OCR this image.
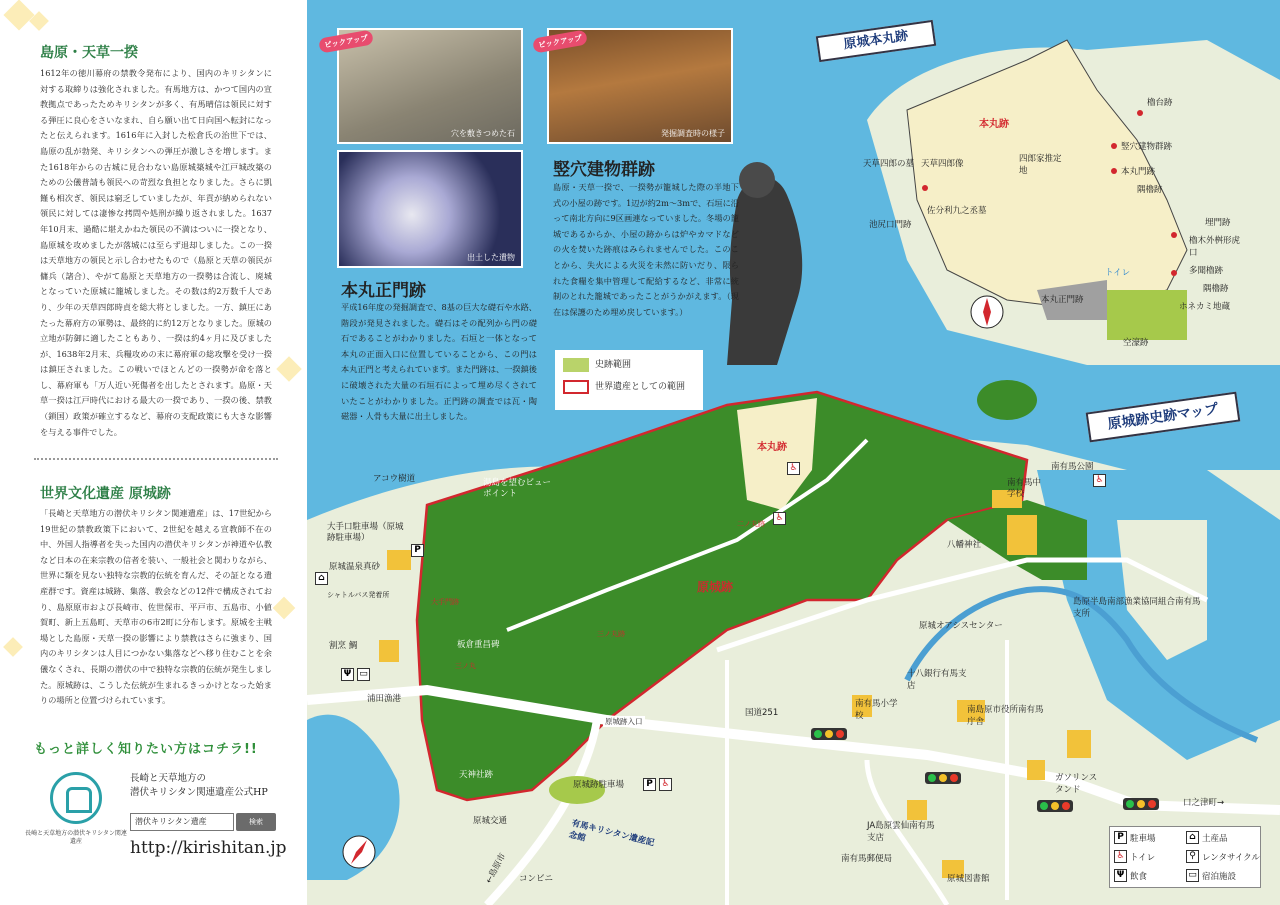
島原・天草一揆
1612年の徳川幕府の禁教令発布により、国内のキリシタンに対する取締りは強化されました。有馬地方は、かつて国内の宣教拠点であったためキリシタンが多く、有馬晴信は領民に対する弾圧に良心をさいなまれ、自ら願い出て日向国へ転封になったと伝えられます。1616年に入封した松倉氏の治世下では、島原の乱が勃発、キリシタンへの弾圧が激しさを増します。また1618年からの古城に見合わない島原城築城や江戸城改築のための公儀普請も領民への苛烈な負担となりました。さらに凱饉も相次ぎ、領民は窮乏していましたが、年貢が納められない領民に対しては凄惨な拷問や処刑が繰り返されました。1637年10月末、過酷に堪えかねた領民の不満はついに一揆となり、島原城を攻めましたが落城には至らず退却しました。この一揆は天草地方の領民と示し合わせたもので（島原と天草の領民が傭兵（諸合）、やがて島原と天草地方の一揆勢は合流し、廃城となっていた原城に籠城しました。その数は約2万数千人であり、少年の天草四郎時貞を総大将としました。一方、鎮圧にあたった幕府方の軍勢は、最終的に約12万となりました。原城の立地が防御に適したこともあり、一揆は約4ヶ月に及びましたが、1638年2月末、兵糧攻めの末に幕府軍の総攻撃を受け一揆は鎮圧されました。この戦いでほとんどの一揆勢が命を落とし、幕府軍も「万人近い死傷者を出したとされます。島原・天草一揆は江戸時代における最大の一揆であり、一揆の後、禁教（鎖国）政策が確立するなど、幕府の支配政策にも大きな影響を与える事件でした。
世界文化遺産 原城跡
「長崎と天草地方の潜伏キリシタン関連遺産」は、17世紀から19世紀の禁教政策下において、2世紀を越える宣教師不在の中、外国人指導者を失った国内の潜伏キリシタンが神道や仏教など日本の在来宗教の信者を装い、一般社会と関わりながら、世界に類を見ない独特な宗教的伝統を育んだ、その証となる遺産群です。資産は城跡、集落、教会などの12件で構成されており、島原原市および長崎市、佐世保市、平戸市、五島市、小値賀町、新上五島町、天草市の6市2町に分布します。原城を主戦場とした島原・天草一揆の影響により禁教はさらに強まり、国内のキリシタンは人目につかない集落などへ移り住むことを余儀なくされ、長期の潜伏の中で独特な宗教的伝統が発生しました。原城跡は、こうした伝統が生まれるきっかけとなった始まりの場所と位置づけられています。
もっと詳しく知りたい方はコチラ!!
長崎と天草地方の潜伏キリシタン関連遺産
長崎と天草地方の
潜伏キリシタン関連遺産公式HP
潜伏キリシタン遺産	検索
http://kirishitan.jp
穴を敷きつめた石
ピックアップ
出土した遺物
発掘調査時の様子
ピックアップ
竪穴建物群跡
島原・天草一揆で、一揆勢が籠城した際の半地下式の小屋の跡です。1辺が約2m～3mで、石垣に沿って南北方向に9区画連なっていました。冬場の籠城であるからか、小屋の跡からは炉やカマドなどの火を焚いた跡痕はみられませんでした。このことから、失火による火災を未然に防いだり、限られた食糧を集中管理して配給するなど、非常に統制のとれた籠城であったことがうかがえます。（現在は保護のため埋め戻しています。）
本丸正門跡
平成16年度の発掘調査で、8基の巨大な礎石や水路、階段が発見されました。礎石はその配列から門の礎石であることがわかりました。石垣と一体となって本丸の正面入口に位置していることから、この門は本丸正門と考えられています。また門跡は、一揆鎮後に破壊された大量の石垣石によって埋め尽くされていたことがわかりました。正門跡の調査では瓦・陶磁器・人骨も大量に出土しました。
史跡範囲
世界遺産としての範囲
原城本丸跡
原城跡史跡マップ
本丸跡
櫓台跡
竪穴建物群跡
本丸門跡
隅櫓跡
埋門跡
櫓木外桝形虎口
多聞櫓跡
隅櫓跡
ホネカミ地蔵
天草四郎の墓 天草四郎像	四郎家推定地
佐分利九之丞墓
池尻口門跡
本丸正門跡
空濠跡
トイレ
原城跡
本丸跡
二ノ丸跡
三ノ丸跡
アコウ樹道
大手口駐車場（原城跡駐車場）
原城温泉真砂
シャトルバス発着所
湯島を望むビューポイント
板倉重昌碑
南有馬公園
南有馬中学校
八幡神社
原城オアシスセンター
十八銀行有馬支店
島原半島南部漁業協同組合南有馬支所
南有馬小学校
南島原市役所南有馬庁舎
ガソリンスタンド
JA島原雲仙南有馬支店
南有馬郵便局
原城図書館
原城跡駐車場
原城跡入口
国道251
口之津町→
←島原市 コンビニ
原城交通	有馬キリシタン遺産記念館
浦田漁港
割烹 鯛
大手門跡
天神社跡
三ノ丸
P
P ♿
♿
♿
♿
⌂
Ψ ▭
P 駐車場	⌂ 土産品
♿ トイレ	⚲ レンタサイクル
Ψ 飲食	▭ 宿泊施設
